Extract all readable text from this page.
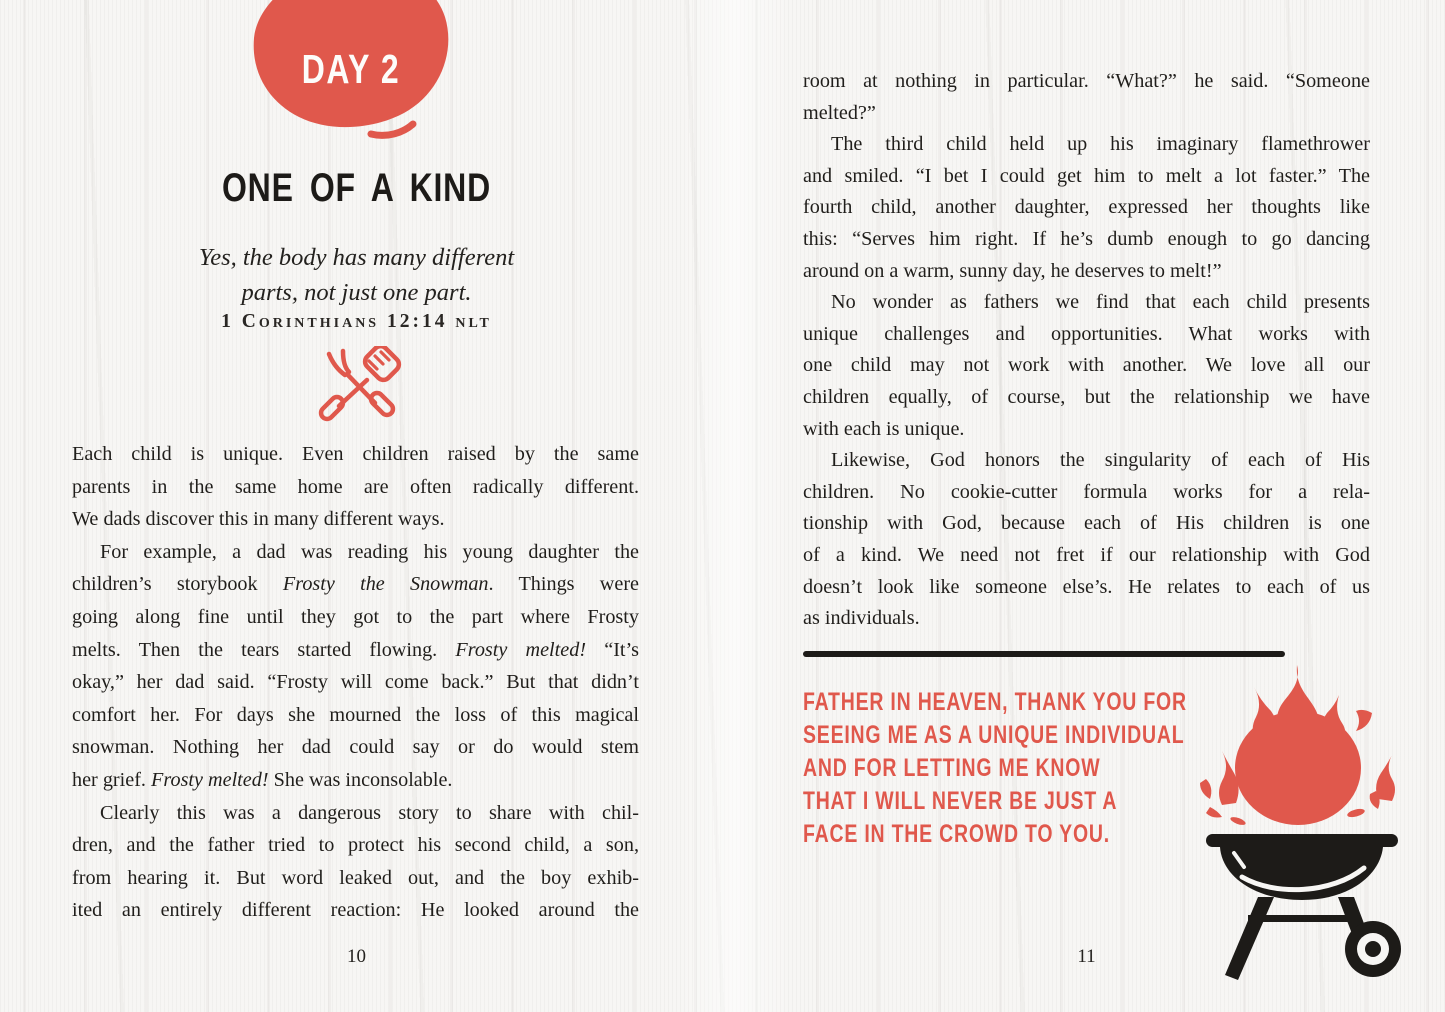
DAY 2
ONE OF A KIND
Yes, the body has many different
parts, not just one part.
1 Corinthians 12:14 nlt
Each child is unique. Even children raised by the same
parents in the same home are often radically different.
We dads discover this in many different ways.
For example, a dad was reading his young daughter the
children’s storybook Frosty the Snowman. Things were
going along fine until they got to the part where Frosty
melts. Then the tears started flowing. Frosty melted! “It’s
okay,” her dad said. “Frosty will come back.” But that didn’t
comfort her. For days she mourned the loss of this magical
snowman. Nothing her dad could say or do would stem
her grief. Frosty melted! She was inconsolable.
Clearly this was a dangerous story to share with chil-
dren, and the father tried to protect his second child, a son,
from hearing it. But word leaked out, and the boy exhib-
ited an entirely different reaction: He looked around the
10
room at nothing in particular. “What?” he said. “Someone
melted?”
The third child held up his imaginary flamethrower
and smiled. “I bet I could get him to melt a lot faster.” The
fourth child, another daughter, expressed her thoughts like
this: “Serves him right. If he’s dumb enough to go dancing
around on a warm, sunny day, he deserves to melt!”
No wonder as fathers we find that each child presents
unique challenges and opportunities. What works with
one child may not work with another. We love all our
children equally, of course, but the relationship we have
with each is unique.
Likewise, God honors the singularity of each of His
children. No cookie-cutter formula works for a rela-
tionship with God, because each of His children is one
of a kind. We need not fret if our relationship with God
doesn’t look like someone else’s. He relates to each of us
as individuals.
FATHER IN HEAVEN, THANK YOU FOR
SEEING ME AS A UNIQUE INDIVIDUAL
AND FOR LETTING ME KNOW
THAT I WILL NEVER BE JUST A
FACE IN THE CROWD TO YOU.
11
